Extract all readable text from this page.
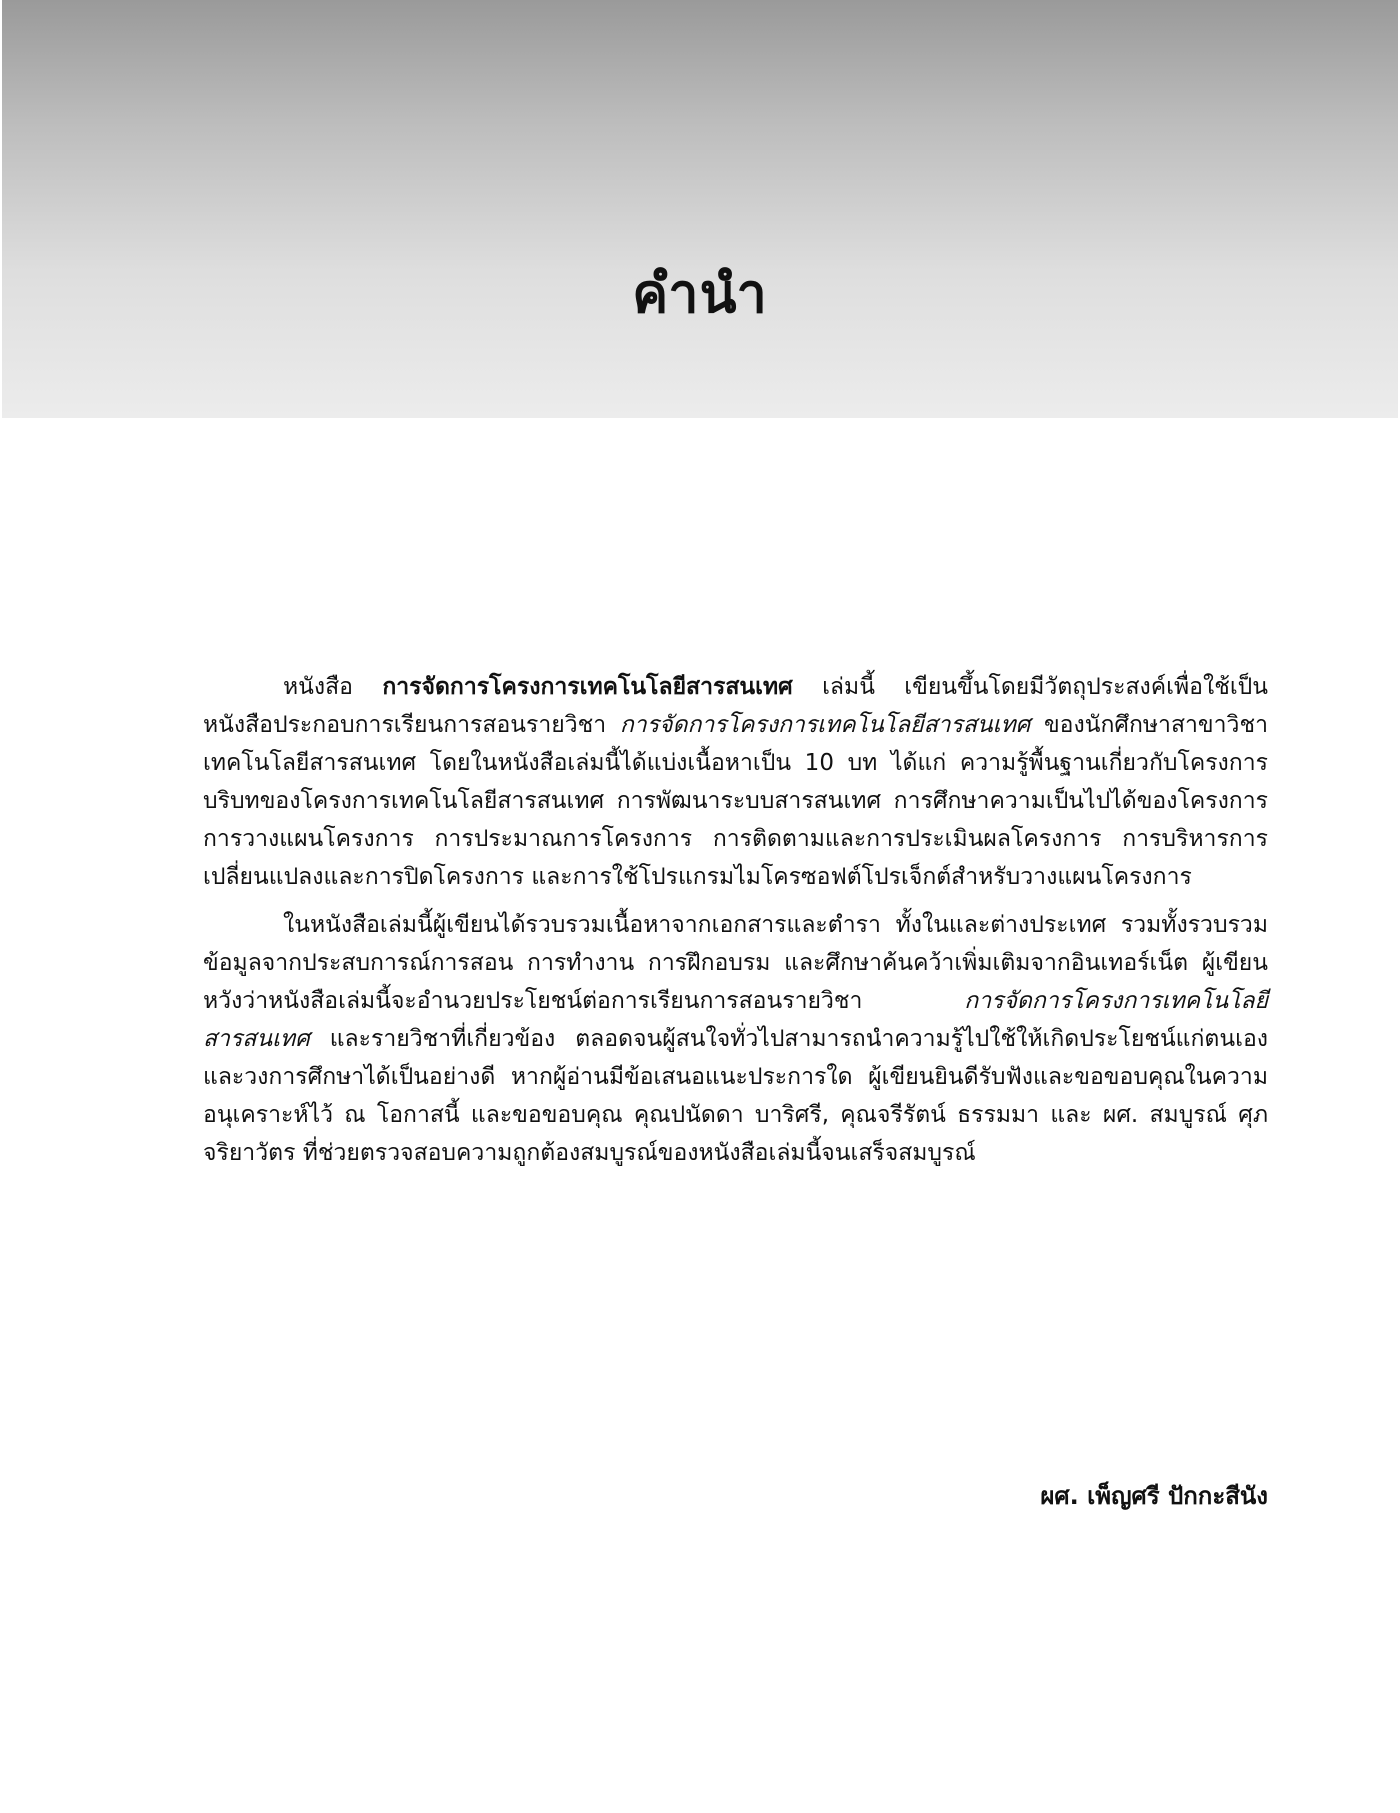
คำนำ

หนังสือ การจัดการโครงการเทคโนโลยีสารสนเทศ เล่มนี้ เขียนขึ้นโดยมีวัตถุประสงค์เพื่อใช้เป็นหนังสือประกอบการเรียนการสอนรายวิชา การจัดการโครงการเทคโนโลยีสารสนเทศ ของนักศึกษาสาขาวิชาเทคโนโลยีสารสนเทศ โดยในหนังสือเล่มนี้ได้แบ่งเนื้อหาเป็น 10 บท ได้แก่ ความรู้พื้นฐานเกี่ยวกับโครงการ บริบทของโครงการเทคโนโลยีสารสนเทศ การพัฒนาระบบสารสนเทศ การศึกษาความเป็นไปได้ของโครงการ การวางแผนโครงการ การประมาณการโครงการ การติดตามและการประเมินผลโครงการ การบริหารการเปลี่ยนแปลงและการปิดโครงการ และการใช้โปรแกรมไมโครซอฟต์โปรเจ็กต์สำหรับวางแผนโครงการ

ในหนังสือเล่มนี้ผู้เขียนได้รวบรวมเนื้อหาจากเอกสารและตำรา ทั้งในและต่างประเทศ รวมทั้งรวบรวมข้อมูลจากประสบการณ์การสอน การทำงาน การฝึกอบรม และศึกษาค้นคว้าเพิ่มเติมจากอินเทอร์เน็ต ผู้เขียนหวังว่าหนังสือเล่มนี้จะอำนวยประโยชน์ต่อการเรียนการสอนรายวิชา การจัดการโครงการเทคโนโลยีสารสนเทศ และรายวิชาที่เกี่ยวข้อง ตลอดจนผู้สนใจทั่วไปสามารถนำความรู้ไปใช้ให้เกิดประโยชน์แก่ตนเองและวงการศึกษาได้เป็นอย่างดี หากผู้อ่านมีข้อเสนอแนะประการใด ผู้เขียนยินดีรับฟังและขอขอบคุณในความอนุเคราะห์ไว้ ณ โอกาสนี้ และขอขอบคุณ คุณปนัดดา บาริศรี, คุณจรีรัตน์ ธรรมมา และ ผศ. สมบูรณ์ ศุภจริยาวัตร ที่ช่วยตรวจสอบความถูกต้องสมบูรณ์ของหนังสือเล่มนี้จนเสร็จสมบูรณ์

ผศ. เพ็ญศรี ปักกะสีนัง
